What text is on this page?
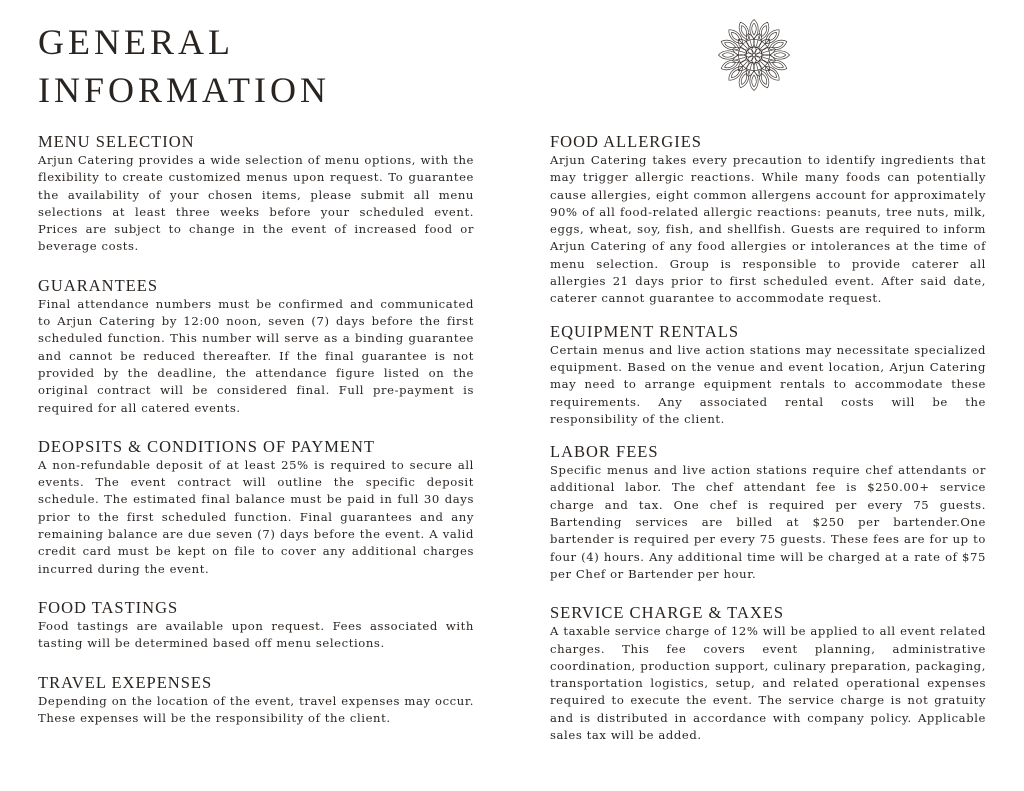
GENERAL
INFORMATION
MENU SELECTION

Arjun Catering provides a wide selection of menu options, with the flexibility to create customized menus upon request. To guarantee the availability of your chosen items, please submit all menu selections at least three weeks before your scheduled event. Prices are subject to change in the event of increased food or beverage costs.

GUARANTEES

Final attendance numbers must be confirmed and communicated to Arjun Catering by 12:00 noon, seven (7) days before the first scheduled function. This number will serve as a binding guarantee and cannot be reduced thereafter. If the final guarantee is not provided by the deadline, the attendance figure listed on the original contract will be considered final. Full pre-payment is required for all catered events.

DEOPSITS & CONDITIONS OF PAYMENT

A non-refundable deposit of at least 25% is required to secure all events. The event contract will outline the specific deposit schedule. The estimated final balance must be paid in full 30 days prior to the first scheduled function. Final guarantees and any remaining balance are due seven (7) days before the event. A valid credit card must be kept on file to cover any additional charges incurred during the event.

FOOD TASTINGS

Food tastings are available upon request. Fees associated with tasting will be determined based off menu selections.

TRAVEL EXEPENSES

Depending on the location of the event, travel expenses may occur. These expenses will be the responsibility of the client.

FOOD ALLERGIES

Arjun Catering takes every precaution to identify ingredients that may trigger allergic reactions. While many foods can potentially cause allergies, eight common allergens account for approximately 90% of all food-related allergic reactions: peanuts, tree nuts, milk, eggs, wheat, soy, fish, and shellfish. Guests are required to inform Arjun Catering of any food allergies or intolerances at the time of menu selection. Group is responsible to provide caterer all allergies 21 days prior to first scheduled event. After said date, caterer cannot guarantee to accommodate request.

EQUIPMENT RENTALS

Certain menus and live action stations may necessitate specialized equipment. Based on the venue and event location, Arjun Catering may need to arrange equipment rentals to accommodate these requirements. Any associated rental costs will be the responsibility of the client.

LABOR FEES

Specific menus and live action stations require chef attendants or additional labor. The chef attendant fee is $250.00+ service charge and tax. One chef is required per every 75 guests. Bartending services are billed at $250 per bartender.One bartender is required per every 75 guests. These fees are for up to four (4) hours. Any additional time will be charged at a rate of $75 per Chef or Bartender per hour.

SERVICE CHARGE & TAXES

A taxable service charge of 12% will be applied to all event related charges. This fee covers event planning, administrative coordination, production support, culinary preparation, packaging, transportation logistics, setup, and related operational expenses required to execute the event. The service charge is not gratuity and is distributed in accordance with company policy. Applicable sales tax will be added.
